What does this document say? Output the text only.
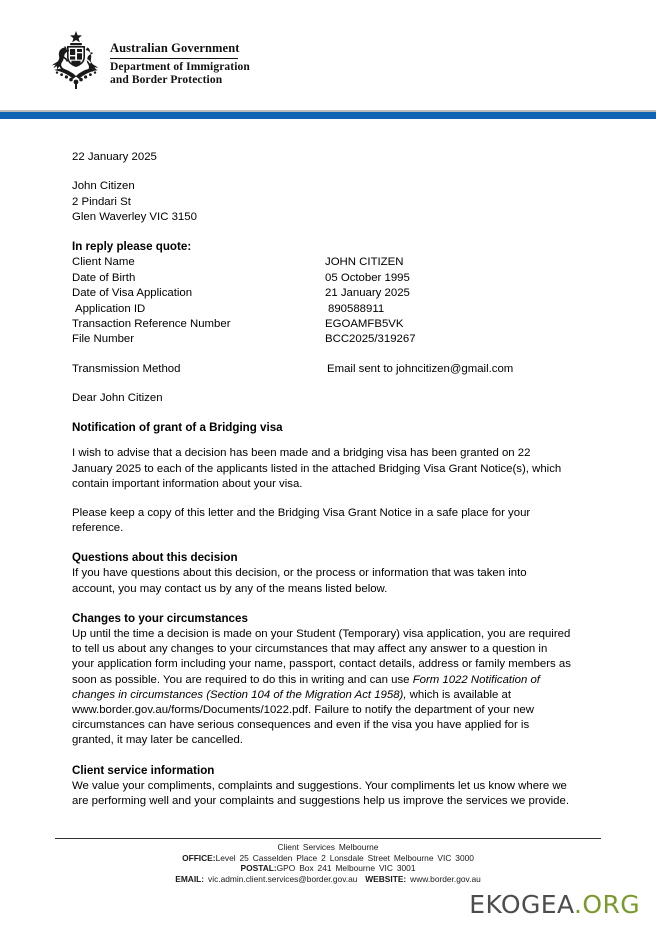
Australian Government
Department of Immigration
and Border Protection
22 January 2025
John Citizen
2 Pindari St
Glen Waverley VIC 3150
In reply please quote:
Client Name	JOHN CITIZEN
Date of Birth	05 October 1995
Date of Visa Application	21 January 2025
Application ID	890588911
Transaction Reference Number	EGOAMFB5VK
File Number	BCC2025/319267
Transmission Method	Email sent to johncitizen@gmail.com
Dear John Citizen
Notification of grant of a Bridging visa

I wish to advise that a decision has been made and a bridging visa has been granted on 22 January 2025 to each of the applicants listed in the attached Bridging Visa Grant Notice(s), which contain important information about your visa.

Please keep a copy of this letter and the Bridging Visa Grant Notice in a safe place for your reference.

Questions about this decision

If you have questions about this decision, or the process or information that was taken into account, you may contact us by any of the means listed below.

Changes to your circumstances

Up until the time a decision is made on your Student (Temporary) visa application, you are required to tell us about any changes to your circumstances that may affect any answer to a question in your application form including your name, passport, contact details, address or family members as soon as possible. You are required to do this in writing and can use Form 1022 Notification of changes in circumstances (Section 104 of the Migration Act 1958), which is available at www.border.gov.au/forms/Documents/1022.pdf. Failure to notify the department of your new circumstances can have serious consequences and even if the visa you have applied for is granted, it may later be cancelled.

Client service information

We value your compliments, complaints and suggestions. Your compliments let us know where we are performing well and your complaints and suggestions help us improve the services we provide.

Client Services Melbourne
OFFICE:Level 25 Casselden Place 2 Lonsdale Street Melbourne VIC 3000
POSTAL:GPO Box 241 Melbourne VIC 3001
EMAIL: vic.admin.client.services@border.gov.au WEBSITE: www.border.gov.au
EKOGEA.ORG
